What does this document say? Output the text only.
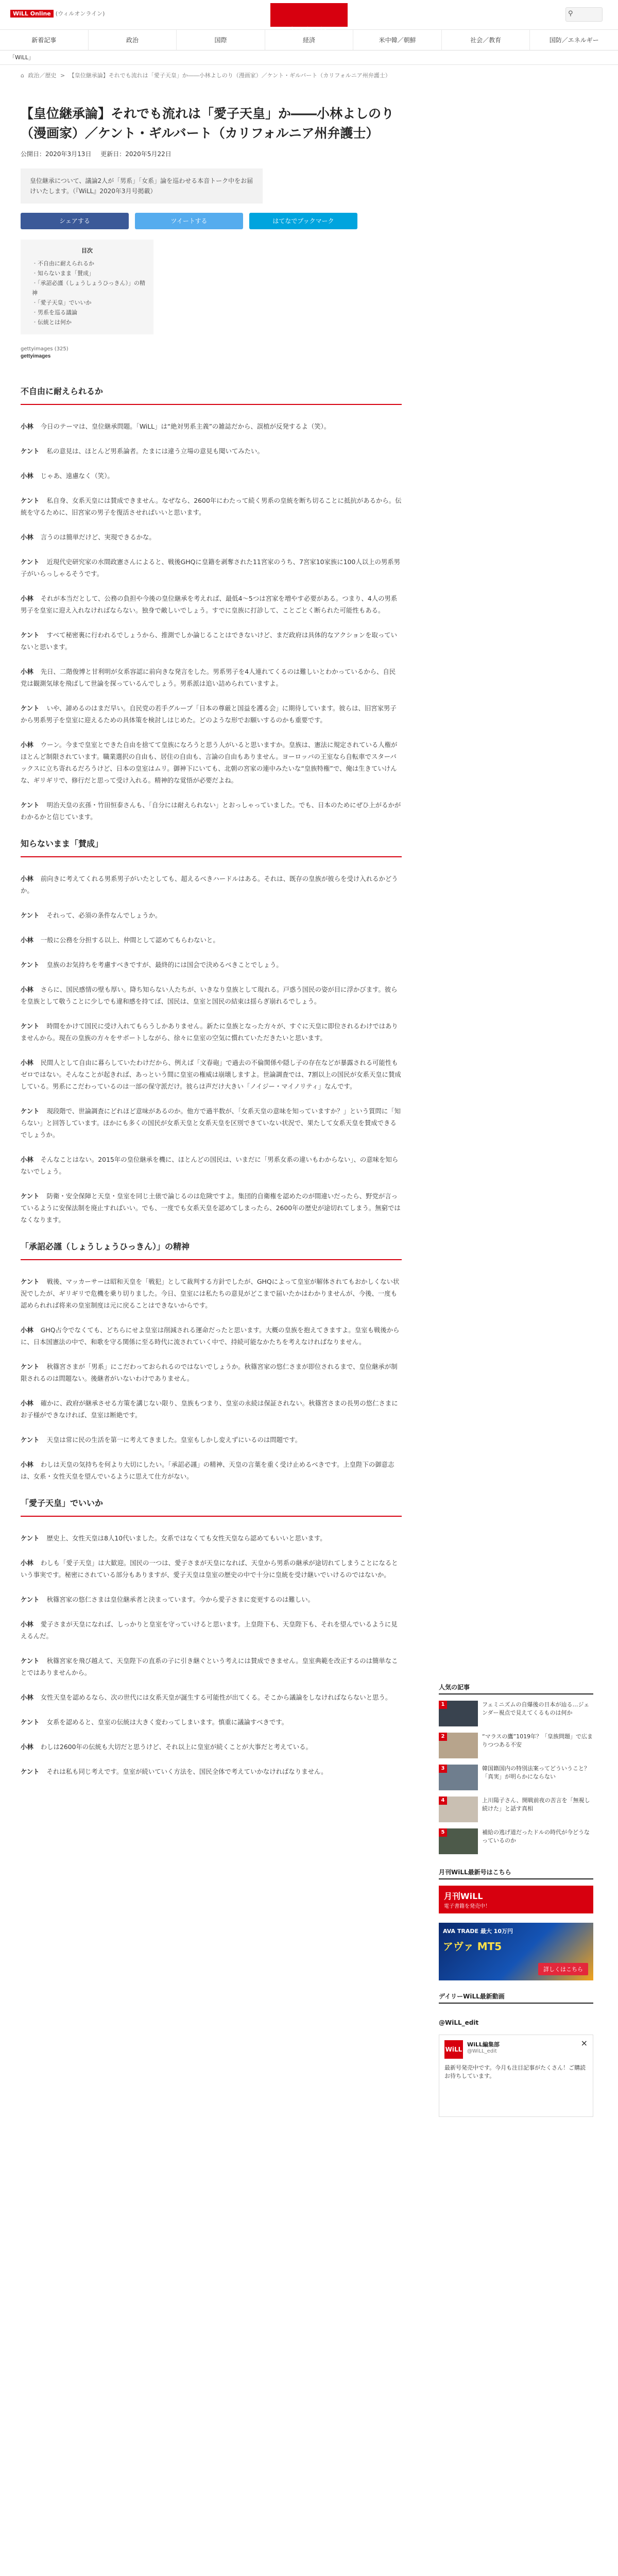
WiLL Online (ウィルオンライン)	WiLL Online
ウィル オンライン
⚲
新着記事	政治	国際	経済	米中韓／朝鮮	社会／教育	国防／エネルギー
「WiLL」
⌂ 政治／歴史 > 【皇位継承論】それでも流れは「愛子天皇」か――小林よしのり（漫画家）／ケント・ギルバート（カリフォルニア州弁護士）
【皇位継承論】それでも流れは「愛子天皇」か――小林よしのり（漫画家）／ケント・ギルバート（カリフォルニア州弁護士）
公開日：2020年3月13日 更新日：2020年5月22日
皇位継承について、議論2人が「男系」「女系」論を巡わせる本音トーク中をお届けいたします。（『WiLL』2020年3月号掲載）
シェアする	ツイートする	はてなでブックマーク
目次
・ 不自由に耐えられるか
・ 知らないまま「賛成」
・ 「承詔必謹（しょうしょうひっきん）」の精神
・ 「愛子天皇」でいいか
・ 男系を巡る議論
・ 伝統とは何か
gettyimages (325)
gettyimages
不自由に耐えられるか
小林 今日のテーマは、皇位継承問題。「WiLL」は“絶対男系主義”の雑誌だから、誤植が反発するよ（笑）。
ケント 私の意見は、ほとんど男系論者。たまには違う立場の意見も聞いてみたい。
小林 じゃあ、遠慮なく（笑）。
ケント 私自身、女系天皇には賛成できません。なぜなら、2600年にわたって続く男系の皇統を断ち切ることに抵抗があるから。伝統を守るために、旧宮家の男子を復活させればいいと思います。
小林 言うのは簡単だけど、実現できるかな。
ケント 近現代史研究家の水間政憲さんによると、戦後GHQに皇籍を剥奪された11宮家のうち、7宮家10家族に100人以上の男系男子がいらっしゃるそうです。
小林 それが本当だとして、公務の負担や今後の皇位継承を考えれば、最低4〜5つは宮家を増やす必要がある。つまり、4人の男系男子を皇室に迎え入れなければならない。独身で敵しいでしょう。すでに皇族に打診して、ことごとく断られた可能性もある。
ケント すべて秘密裏に行われるでしょうから、推測でしか論じることはできないけど、まだ政府は具体的なアクションを取っていないと思います。
小林 先日、二階俊博と甘利明が女系容認に前向きな発言をした。男系男子を4人連れてくるのは難しいとわかっているから、自民党は観測気球を飛ばして世論を探っているんでしょう。男系派は追い詰められていますよ。
ケント いや、諦めるのはまだ早い。自民党の若手グループ「日本の尊厳と国益を護る会」に期待しています。彼らは、旧宮家男子から男系男子を皇室に迎えるための具体策を検討しはじめた。どのような形でお願いするのかも重要です。
小林 ウーン。今まで皇室とできた自由を捨てて皇族になろうと思う人がいると思いますか。皇族は、憲法に規定されている人権がほとんど制限されています。職業選択の自由も、居住の自由も、言論の自由もありません。ヨーロッパの王室なら自転車でスターバックスに立ち寄れるだろうけど、日本の皇室はムリ。御神下にいても、北朝の宮家の連中みたいな“皇族特権”で、俺は生きていけんな、ギリギリで、修行だと思って受け入れる。精神的な覚悟が必要だよね。
ケント 明治天皇の玄孫・竹田恒泰さんも、「自分には耐えられない」とおっしゃっていました。でも、日本のためにぜひ上がるかがわかるかと信じています。
知らないまま「賛成」
小林 前向きに考えてくれる男系男子がいたとしても、超えるべきハードルはある。それは、既存の皇族が彼らを受け入れるかどうか。
ケント それって、必須の条件なんでしょうか。
小林 一般に公務を分担する以上、仲間として認めてもらわないと。
ケント 皇族のお気持ちを考慮すべきですが、最終的には国会で決めるべきことでしょう。
小林 さらに、国民感情の壁も厚い。降ち知らない人たちが、いきなり皇族として現れる。戸惑う国民の姿が目に浮かびます。彼らを皇族として敬うことに少しでも違和感を持てば、国民は、皇室と国民の結束は揺らぎ崩れるでしょう。
ケント 時間をかけて国民に受け入れてもらうしかありません。新たに皇族となった方々が、すぐに天皇に即位されるわけではありませんから。現在の皇族の方々をサポートしながら、徐々に皇室の空気に慣れていただきたいと思います。
小林 民間人として自由に暮らしていたわけだから、例えば「文春砲」で過去の不倫関係や隠し子の存在などが暴露される可能性もゼロではない。そんなことが起きれば、あっという間に皇室の権威は崩壊しますよ。世論調査では、7割以上の国民が女系天皇に賛成している。男系にこだわっているのは一部の保守派だけ。彼らは声だけ大きい「ノイジー・マイノリティ」なんです。
ケント 現段階で、世論調査にどれほど意味があるのか。他方で過半数が、「女系天皇の意味を知っていますか？」という質問に「知らない」と回答しています。ほかにも多くの国民が女系天皇と女系天皇を区別できていない状況で、果たして女系天皇を賛成できるでしょうか。
小林 そんなことはない。2015年の皇位継承を機に、ほとんどの国民は、いまだに「男系女系の違いもわからない」、の意味を知らないでしょう。
ケント 防衛・安全保障と天皇・皇室を同じ土俵で論じるのは危険ですよ。集団的自衛権を認めたのが間違いだったら、野党が言っているように安保法制を廃止すればいい。でも、一度でも女系天皇を認めてしまったら、2600年の歴史が途切れてしまう。無窮ではなくなります。
「承詔必謹（しょうしょうひっきん）」の精神
ケント 戦後、マッカーサーは昭和天皇を「戦犯」として裁判する方針でしたが、GHQによって皇室が解体されてもおかしくない状況でしたが、ギリギリで危機を乗り切りました。今日、皇室には私たちの意見がどこまで届いたかはわかりませんが、今後、一度も認められれば将来の皇室制度は元に戻ることはできないからです。
小林 GHQ占令でなくても、どちらにせよ皇室は削減される運命だったと思います。大概の皇族を抱えてきますよ。皇室も戦後からに、日本国憲法の中で、和歌を守る関係に至る時代に流されていく中で、持続可能なかたちを考えなければなりません。
ケント 秋篠宮さまが「男系」にこだわっておられるのではないでしょうか。秋篠宮家の悠仁さまが即位されるまで、皇位継承が制限されるのは問題ない。後継者がいないわけでありません。
小林 確かに、政府が継承させる方策を講じない限り、皇族もつまり、皇室の永続は保証されない。秋篠宮さまの長男の悠仁さまにお子様ができなければ、皇室は断絶です。
ケント 天皇は常に民の生活を第一に考えてきました。皇室もしかし変えずにいるのは問題です。
小林 わしは天皇の気持ちを何より大切にしたい。「承詔必謹」の精神、天皇の言葉を重く受け止めるべきです。上皇陛下の御意志は、女系・女性天皇を望んでいるように思えて仕方がない。
「愛子天皇」でいいか
ケント 歴史上、女性天皇は8人10代いました。女系ではなくても女性天皇なら認めてもいいと思います。
小林 わしも「愛子天皇」は大歓迎。国民の一つは、愛子さまが天皇になれば、天皇から男系の継承が途切れてしまうことになるという事実です。秘密にされている部分もありますが、愛子天皇は皇室の歴史の中で十分に皇統を受け継いでいけるのではないか。
ケント 秋篠宮家の悠仁さまは皇位継承者と決まっています。今から愛子さまに変更するのは難しい。
小林 愛子さまが天皇になれば、しっかりと皇室を守っていけると思います。上皇陛下も、天皇陛下も、それを望んでいるように見えるんだ。
ケント 秋篠宮家を飛び越えて、天皇陛下の直系の子に引き継ぐという考えには賛成できません。皇室典範を改正するのは簡単なことではありませんから。
小林 女性天皇を認めるなら、次の世代には女系天皇が誕生する可能性が出てくる。そこから議論をしなければならないと思う。
ケント 女系を認めると、皇室の伝統は大きく変わってしまいます。慎重に議論すべきです。
小林 わしは2600年の伝統も大切だと思うけど、それ以上に皇室が続くことが大事だと考えている。
ケント それは私も同じ考えです。皇室が続いていく方法を、国民全体で考えていかなければなりません。
人気の記事
1	フェミニズムの自爆後の日本が辿る…ジェンダー視点で見えてくるものは何か
2	“マラスの鷹”1019年？「皇族問題」で広まりつつある不安
3	韓国籍国内の特別法案ってどういうこと？「真実」が明らかにならない
4	上川陽子さん、開戦前夜の苦言を「無視し続けた」と話す真相
5	補給の逃げ道だったドルの時代が今どうなっているのか
月刊WiLL最新号はこちら
月刊WiLL
電子書籍を発売中！
AVA TRADE 最大 10万円
アヴァ MT5
詳しくはこちら
デイリーWiLL最新動画
@WiLL_edit
WiLL
WiLL編集部
@WiLL_edit
×
最新号発売中です。今月も注目記事がたくさん！ご購読お待ちしています。
